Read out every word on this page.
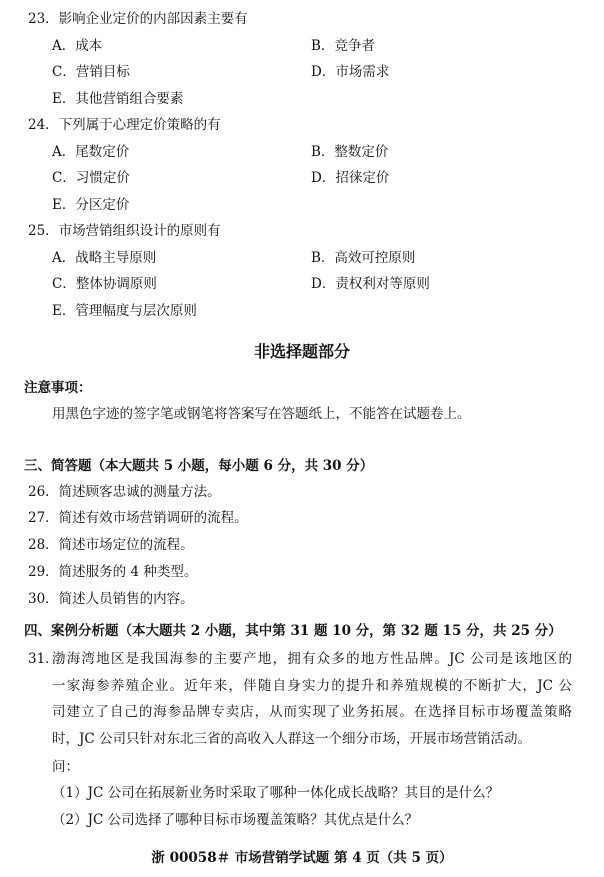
23．影响企业定价的内部因素主要有
A．成本	B．竞争者
C．营销目标	D．市场需求
E．其他营销组合要素
24．下列属于心理定价策略的有
A．尾数定价	B．整数定价
C．习惯定价	D．招徕定价
E．分区定价
25．市场营销组织设计的原则有
A．战略主导原则	B．高效可控原则
C．整体协调原则	D．责权利对等原则
E．管理幅度与层次原则
非选择题部分
注意事项：
用黑色字迹的签字笔或钢笔将答案写在答题纸上，不能答在试题卷上。
三、简答题（本大题共 5 小题，每小题 6 分，共 30 分）
26．简述顾客忠诚的测量方法。
27．简述有效市场营销调研的流程。
28．简述市场定位的流程。
29．简述服务的 4 种类型。
30．简述人员销售的内容。
四、案例分析题（本大题共 2 小题，其中第 31 题 10 分，第 32 题 15 分，共 25 分）
31．
渤海湾地区是我国海参的主要产地，拥有众多的地方性品牌。JC 公司是该地区的
一家海参养殖企业。近年来，伴随自身实力的提升和养殖规模的不断扩大，JC 公
司建立了自己的海参品牌专卖店，从而实现了业务拓展。在选择目标市场覆盖策略
时，JC 公司只针对东北三省的高收入人群这一个细分市场，开展市场营销活动。
问：
（1）JC 公司在拓展新业务时采取了哪种一体化成长战略？其目的是什么？
（2）JC 公司选择了哪种目标市场覆盖策略？其优点是什么？
浙 00058＃ 市场营销学试题 第 4 页（共 5 页）
